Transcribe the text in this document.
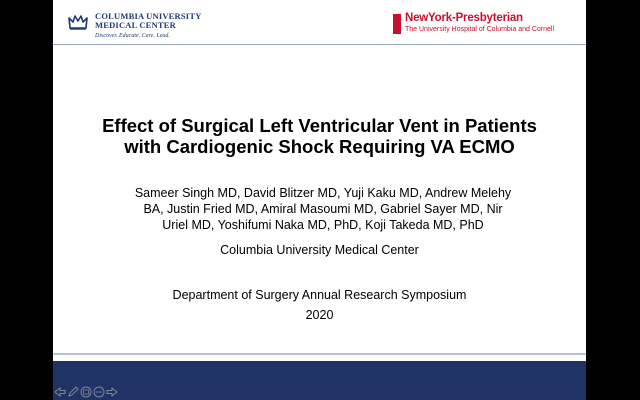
COLUMBIA UNIVERSITY
MEDICAL CENTER
Discover. Educate. Care. Lead.
NewYork-Presbyterian
The University Hospital of Columbia and Cornell
Effect of Surgical Left Ventricular Vent in Patients
with Cardiogenic Shock Requiring VA ECMO
Sameer Singh MD, David Blitzer MD, Yuji Kaku MD, Andrew Melehy BA, Justin Fried MD, Amiral Masoumi MD, Gabriel Sayer MD, Nir Uriel MD, Yoshifumi Naka MD, PhD, Koji Takeda MD, PhD
Columbia University Medical Center
Department of Surgery Annual Research Symposium
2020
